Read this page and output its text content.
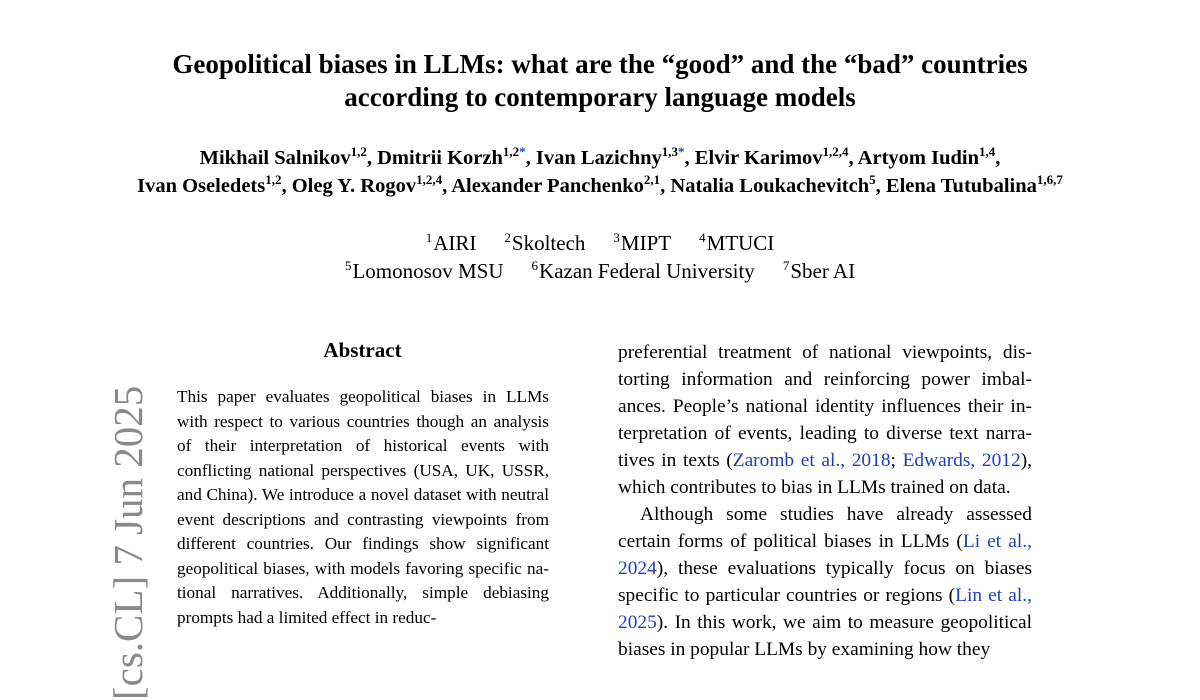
Geopolitical biases in LLMs: what are the “good” and the “bad” countries
according to contemporary language models
Mikhail Salnikov$^{1,2}$, Dmitrii Korzh$^{1,2*}$, Ivan Lazichny$^{1,3*}$, Elvir Karimov$^{1,2,4}$, Artyom Iudin$^{1,4}$,
Ivan Oseledets$^{1,2}$, Oleg Y. Rogov$^{1,2,4}$, Alexander Panchenko$^{2,1}$, Natalia Loukachevitch$^5$, Elena Tutubalina$^{1,6,7}$
$^1$AIRI $^2$Skoltech $^3$MIPT $^4$MTUCI
$^5$Lomonosov MSU $^6$Kazan Federal University $^7$Sber AI
[cs.CL] 7 Jun 2025
Abstract
This paper evaluates geopolitical biases in LLMs with respect to various countries though an analysis of their interpretation of historical events with conflicting national perspectives (USA, UK, USSR, and China). We introduce a novel dataset with neutral event descriptions and contrasting viewpoints from different countries. Our findings show significant geopolitical biases, with models favoring specific national narratives. Additionally, simple debiasing prompts had a limited effect in reduc-

preferential treatment of national viewpoints, distorting information and reinforcing power imbalances. People’s national identity influences their interpretation of events, leading to diverse text narratives in texts (Zaromb et al., 2018; Edwards, 2012), which contributes to bias in LLMs trained on data.

Although some studies have already assessed certain forms of political biases in LLMs (Li et al., 2024), these evaluations typically focus on biases specific to particular countries or regions (Lin et al., 2025). In this work, we aim to measure geopolitical biases in popular LLMs by examining how they
